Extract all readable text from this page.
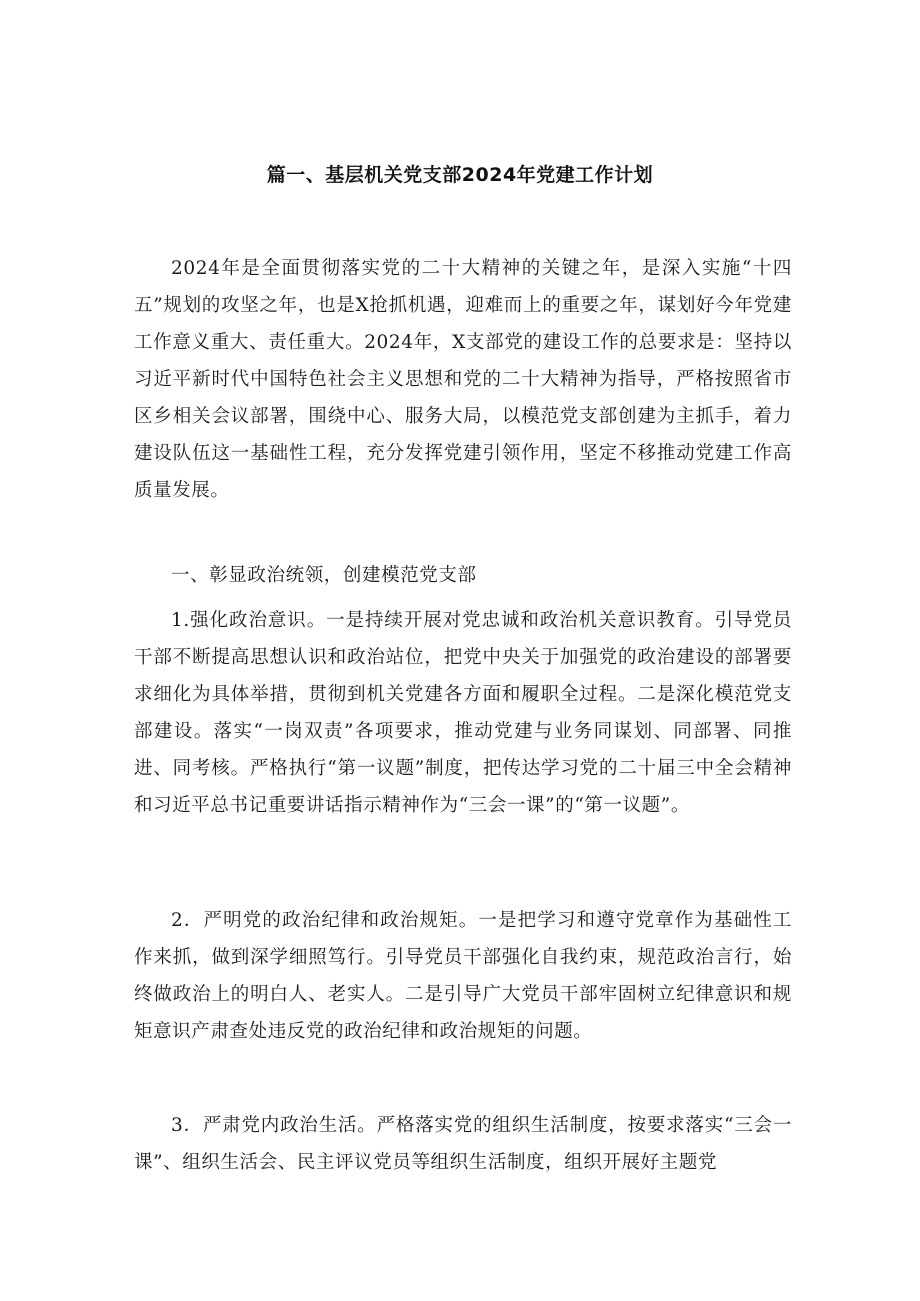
篇一、基层机关党支部2024年党建工作计划

2024年是全面贯彻落实党的二十大精神的关键之年，是深入实施“十四五”规划的攻坚之年，也是X抢抓机遇，迎难而上的重要之年，谋划好今年党建工作意义重大、责任重大。2024年，X支部党的建设工作的总要求是：坚持以习近平新时代中国特色社会主义思想和党的二十大精神为指导，严格按照省市区乡相关会议部署，围绕中心、服务大局，以模范党支部创建为主抓手，着力建设队伍这一基础性工程，充分发挥党建引领作用，坚定不移推动党建工作高质量发展。

一、彰显政治统领，创建模范党支部

1.强化政治意识。一是持续开展对党忠诚和政治机关意识教育。引导党员干部不断提高思想认识和政治站位，把党中央关于加强党的政治建设的部署要求细化为具体举措，贯彻到机关党建各方面和履职全过程。二是深化模范党支部建设。落实“一岗双责”各项要求，推动党建与业务同谋划、同部署、同推进、同考核。严格执行“第一议题”制度，把传达学习党的二十届三中全会精神和习近平总书记重要讲话指示精神作为“三会一课”的“第一议题”。

2．严明党的政治纪律和政治规矩。一是把学习和遵守党章作为基础性工作来抓，做到深学细照笃行。引导党员干部强化自我约束，规范政治言行，始终做政治上的明白人、老实人。二是引导广大党员干部牢固树立纪律意识和规矩意识产肃查处违反党的政治纪律和政治规矩的问题。

3．严肃党内政治生活。严格落实党的组织生活制度，按要求落实“三会一课”、组织生活会、民主评议党员等组织生活制度，组织开展好主题党
